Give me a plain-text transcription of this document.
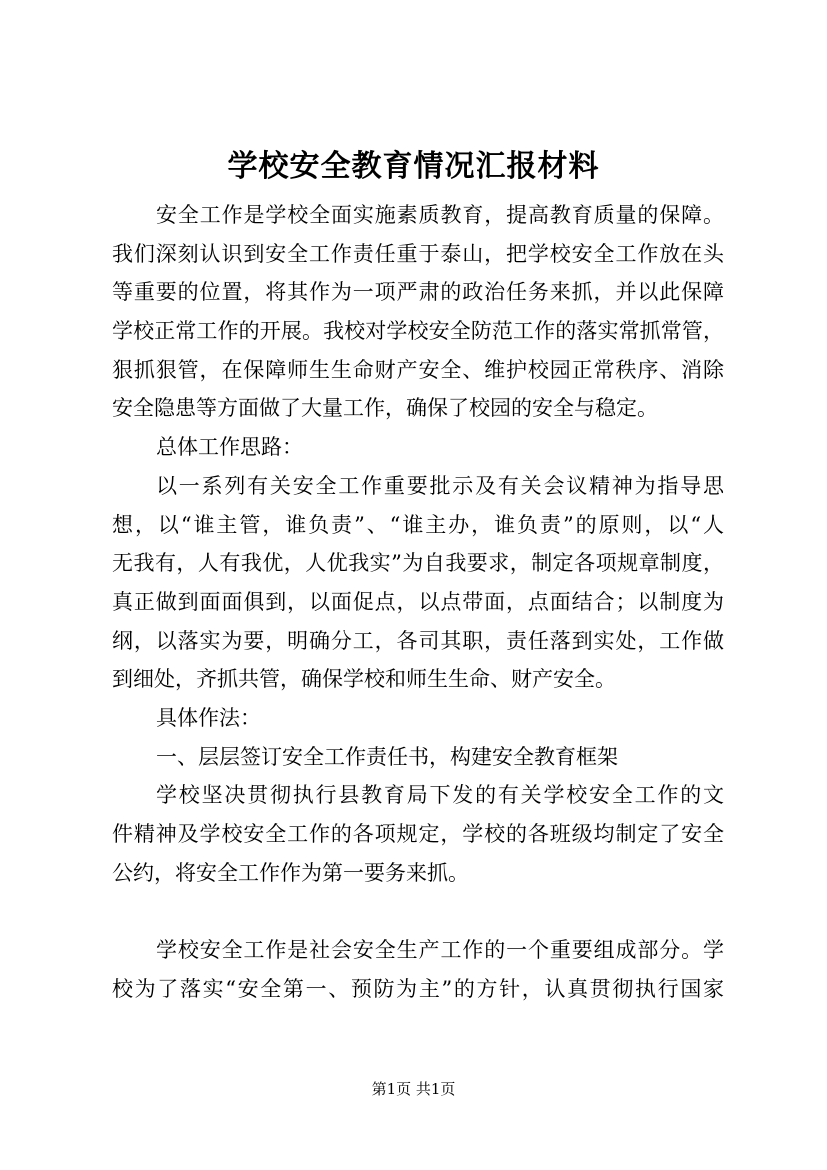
学校安全教育情况汇报材料
安全工作是学校全面实施素质教育，提高教育质量的保障。
我们深刻认识到安全工作责任重于泰山，把学校安全工作放在头
等重要的位置，将其作为一项严肃的政治任务来抓，并以此保障
学校正常工作的开展。我校对学校安全防范工作的落实常抓常管，
狠抓狠管，在保障师生生命财产安全、维护校园正常秩序、消除
安全隐患等方面做了大量工作，确保了校园的安全与稳定。
总体工作思路：
以一系列有关安全工作重要批示及有关会议精神为指导思
想，以“谁主管，谁负责”、“谁主办，谁负责”的原则，以“人
无我有，人有我优，人优我实”为自我要求，制定各项规章制度，
真正做到面面俱到，以面促点，以点带面，点面结合；以制度为
纲，以落实为要，明确分工，各司其职，责任落到实处，工作做
到细处，齐抓共管，确保学校和师生生命、财产安全。
具体作法：
一、层层签订安全工作责任书，构建安全教育框架
学校坚决贯彻执行县教育局下发的有关学校安全工作的文
件精神及学校安全工作的各项规定，学校的各班级均制定了安全
公约，将安全工作作为第一要务来抓。
学校安全工作是社会安全生产工作的一个重要组成部分。学
校为了落实“安全第一、预防为主”的方针，认真贯彻执行国家
第1页 共1页
